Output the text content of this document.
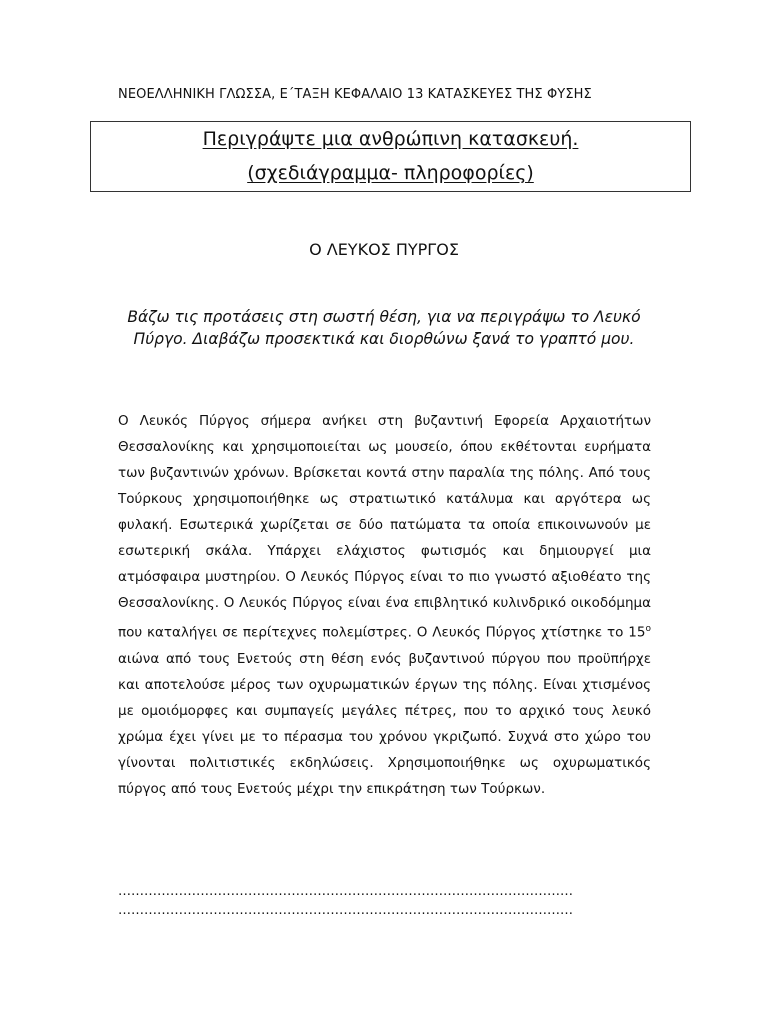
ΝΕΟΕΛΛΗΝΙΚΗ ΓΛΩΣΣΑ, Ε΄ΤΑΞΗ ΚΕΦΑΛΑΙΟ 13 ΚΑΤΑΣΚΕΥΕΣ ΤΗΣ ΦΥΣΗΣ
Περιγράψτε μια ανθρώπινη κατασκευή.
(σχεδιάγραμμα- πληροφορίες)
Ο ΛΕΥΚΟΣ ΠΥΡΓΟΣ
Βάζω τις προτάσεις στη σωστή θέση, για να περιγράψω το Λευκό Πύργο. Διαβάζω προσεκτικά και διορθώνω ξανά το γραπτό μου.
Ο Λευκός Πύργος σήμερα ανήκει στη βυζαντινή Εφορεία Αρχαιοτήτων Θεσσαλονίκης και χρησιμοποιείται ως μουσείο, όπου εκθέτονται ευρήματα των βυζαντινών χρόνων. Βρίσκεται κοντά στην παραλία της πόλης. Από τους Τούρκους χρησιμοποιήθηκε ως στρατιωτικό κατάλυμα και αργότερα ως φυλακή. Εσωτερικά χωρίζεται σε δύο πατώματα τα οποία επικοινωνούν με εσωτερική σκάλα. Υπάρχει ελάχιστος φωτισμός και δημιουργεί μια ατμόσφαιρα μυστηρίου. Ο Λευκός Πύργος είναι το πιο γνωστό αξιοθέατο της Θεσσαλονίκης. Ο Λευκός Πύργος είναι ένα επιβλητικό κυλινδρικό οικοδόμημα που καταλήγει σε περίτεχνες πολεμίστρες. Ο Λευκός Πύργος χτίστηκε το $15^o$ αιώνα από τους Ενετούς στη θέση ενός βυζαντινού πύργου που προϋπήρχε και αποτελούσε μέρος των οχυρωματικών έργων της πόλης. Είναι χτισμένος με ομοιόμορφες και συμπαγείς μεγάλες πέτρες, που το αρχικό τους λευκό χρώμα έχει γίνει με το πέρασμα του χρόνου γκριζωπό. Συχνά στο χώρο του γίνονται πολιτιστικές εκδηλώσεις. Χρησιμοποιήθηκε ως οχυρωματικός πύργος από τους Ενετούς μέχρι την επικράτηση των Τούρκων.
……………………………………………………………………………………………
……………………………………………………………………………………………
